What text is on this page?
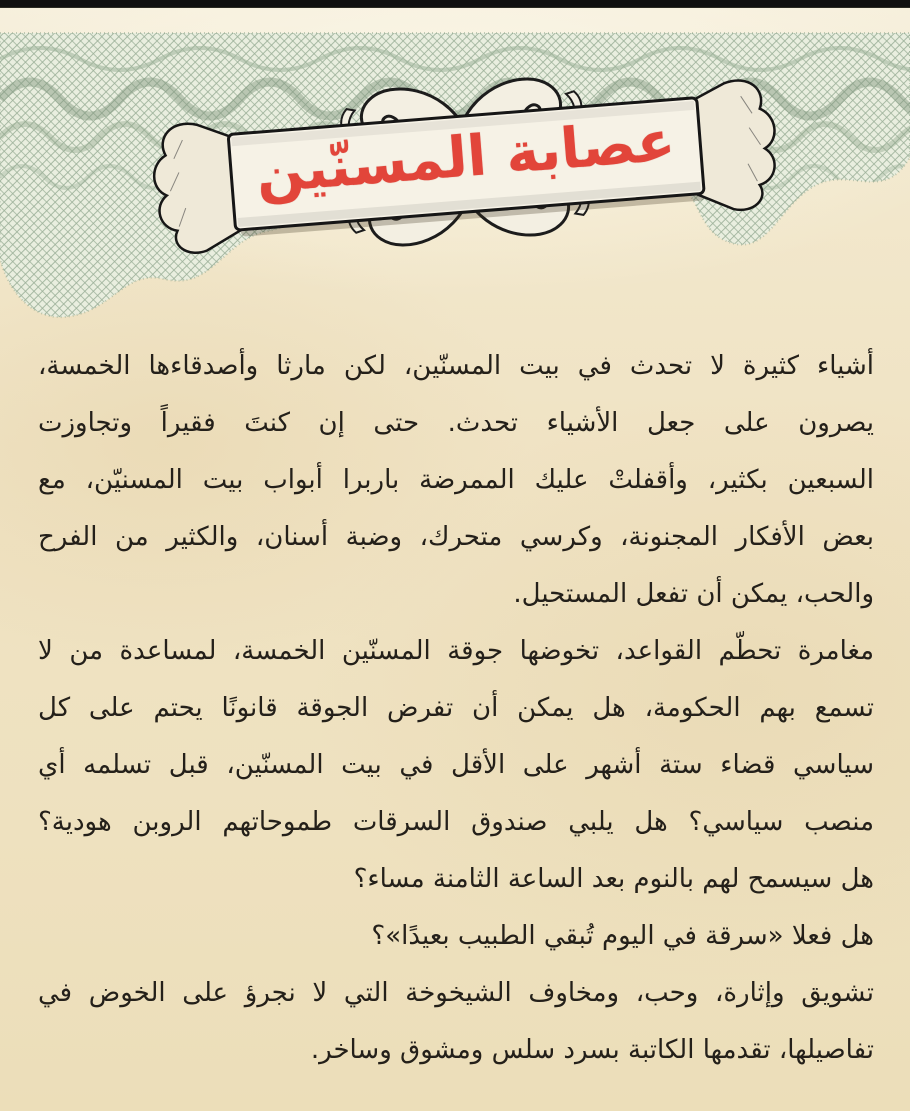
عصابة المسنّين
أشياء كثيرة لا تحدث في بيت المسنّين، لكن مارثا وأصدقاءها الخمسة،
يصرون على جعل الأشياء تحدث. حتى إن كنتَ فقيراً وتجاوزت
السبعين بكثير، وأقفلتْ عليك الممرضة باربرا أبواب بيت المسنيّن، مع
بعض الأفكار المجنونة، وكرسي متحرك، وضبة أسنان، والكثير من الفرح
والحب، يمكن أن تفعل المستحيل.
مغامرة تحطّم القواعد، تخوضها جوقة المسنّين الخمسة، لمساعدة من لا
تسمع بهم الحكومة، هل يمكن أن تفرض الجوقة قانونًا يحتم على كل
سياسي قضاء ستة أشهر على الأقل في بيت المسنّين، قبل تسلمه أي
منصب سياسي؟ هل يلبي صندوق السرقات طموحاتهم الروبن هودية؟
هل سيسمح لهم بالنوم بعد الساعة الثامنة مساء؟
هل فعلا «سرقة في اليوم تُبقي الطبيب بعيدًا»؟
تشويق وإثارة، وحب، ومخاوف الشيخوخة التي لا نجرؤ على الخوض في
تفاصيلها، تقدمها الكاتبة بسرد سلس ومشوق وساخر.
